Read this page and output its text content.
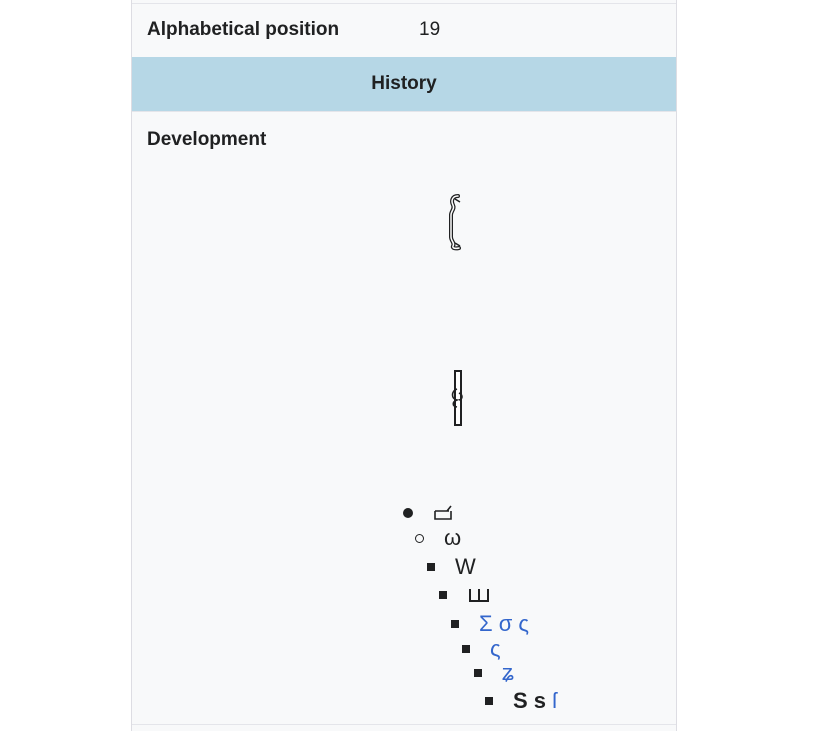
Alphabetical position	19
History
Development
ω
W
Σ σ ς
ς
ʑ
S s ſ
